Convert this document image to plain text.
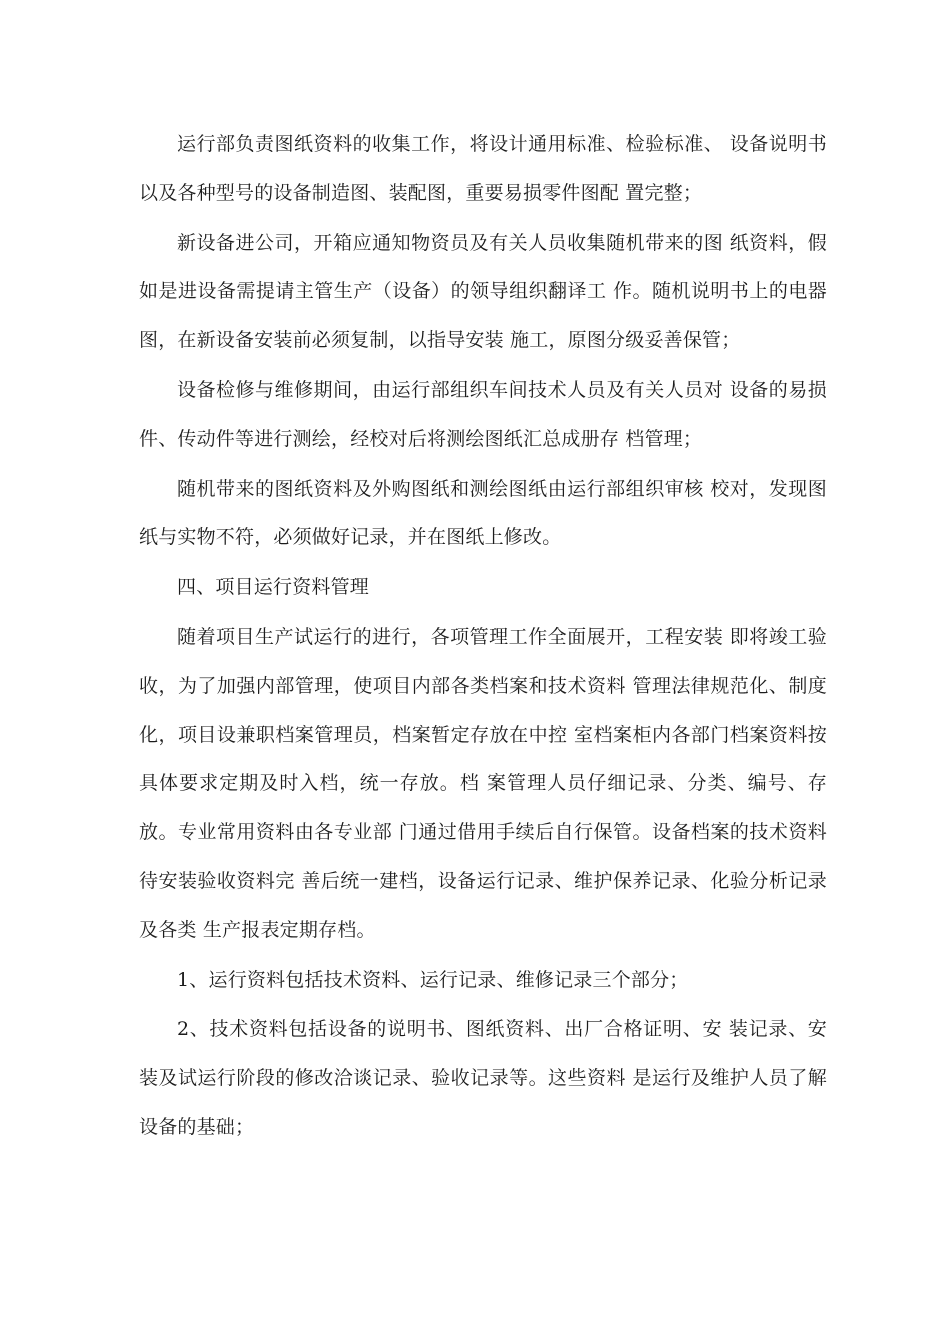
运行部负责图纸资料的收集工作，将设计通用标准、检验标准、 设备说明书以及各种型号的设备制造图、装配图，重要易损零件图配 置完整；

新设备进公司，开箱应通知物资员及有关人员收集随机带来的图 纸资料，假如是进设备需提请主管生产（设备）的领导组织翻译工 作。随机说明书上的电器图，在新设备安装前必须复制，以指导安装 施工，原图分级妥善保管；

设备检修与维修期间，由运行部组织车间技术人员及有关人员对 设备的易损件、传动件等进行测绘，经校对后将测绘图纸汇总成册存 档管理；

随机带来的图纸资料及外购图纸和测绘图纸由运行部组织审核 校对，发现图纸与实物不符，必须做好记录，并在图纸上修改。

四、项目运行资料管理

随着项目生产试运行的进行，各项管理工作全面展开，工程安装 即将竣工验收，为了加强内部管理，使项目内部各类档案和技术资料 管理法律规范化、制度化，项目设兼职档案管理员，档案暂定存放在中控 室档案柜内各部门档案资料按具体要求定期及时入档，统一存放。档 案管理人员仔细记录、分类、编号、存放。专业常用资料由各专业部 门通过借用手续后自行保管。设备档案的技术资料待安装验收资料完 善后统一建档，设备运行记录、维护保养记录、化验分析记录及各类 生产报表定期存档。

1、运行资料包括技术资料、运行记录、维修记录三个部分；

2、技术资料包括设备的说明书、图纸资料、出厂合格证明、安 装记录、安装及试运行阶段的修改洽谈记录、验收记录等。这些资料 是运行及维护人员了解设备的基础；
